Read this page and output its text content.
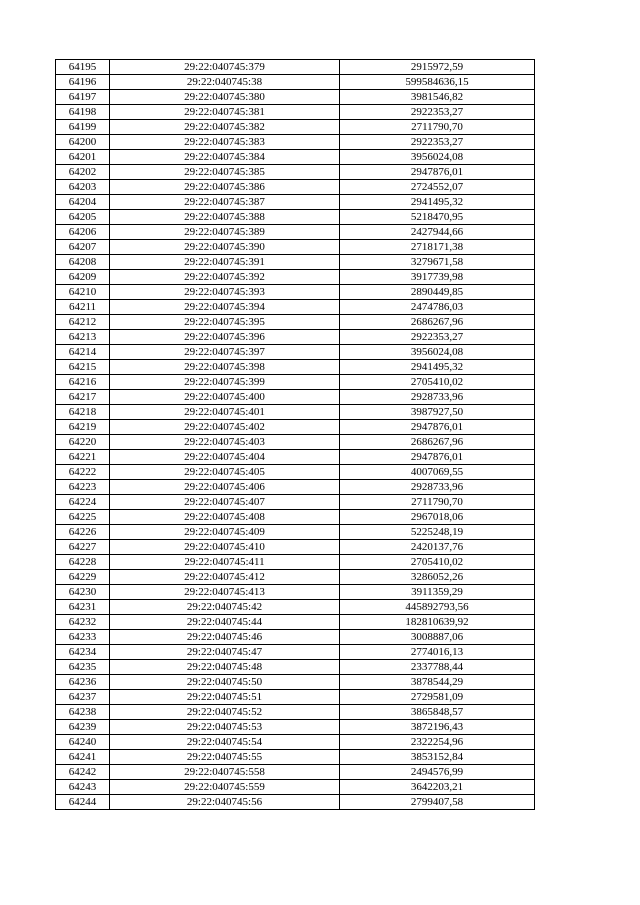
64195	29:22:040745:379	2915972,59
64196	29:22:040745:38	599584636,15
64197	29:22:040745:380	3981546,82
64198	29:22:040745:381	2922353,27
64199	29:22:040745:382	2711790,70
64200	29:22:040745:383	2922353,27
64201	29:22:040745:384	3956024,08
64202	29:22:040745:385	2947876,01
64203	29:22:040745:386	2724552,07
64204	29:22:040745:387	2941495,32
64205	29:22:040745:388	5218470,95
64206	29:22:040745:389	2427944,66
64207	29:22:040745:390	2718171,38
64208	29:22:040745:391	3279671,58
64209	29:22:040745:392	3917739,98
64210	29:22:040745:393	2890449,85
64211	29:22:040745:394	2474786,03
64212	29:22:040745:395	2686267,96
64213	29:22:040745:396	2922353,27
64214	29:22:040745:397	3956024,08
64215	29:22:040745:398	2941495,32
64216	29:22:040745:399	2705410,02
64217	29:22:040745:400	2928733,96
64218	29:22:040745:401	3987927,50
64219	29:22:040745:402	2947876,01
64220	29:22:040745:403	2686267,96
64221	29:22:040745:404	2947876,01
64222	29:22:040745:405	4007069,55
64223	29:22:040745:406	2928733,96
64224	29:22:040745:407	2711790,70
64225	29:22:040745:408	2967018,06
64226	29:22:040745:409	5225248,19
64227	29:22:040745:410	2420137,76
64228	29:22:040745:411	2705410,02
64229	29:22:040745:412	3286052,26
64230	29:22:040745:413	3911359,29
64231	29:22:040745:42	445892793,56
64232	29:22:040745:44	182810639,92
64233	29:22:040745:46	3008887,06
64234	29:22:040745:47	2774016,13
64235	29:22:040745:48	2337788,44
64236	29:22:040745:50	3878544,29
64237	29:22:040745:51	2729581,09
64238	29:22:040745:52	3865848,57
64239	29:22:040745:53	3872196,43
64240	29:22:040745:54	2322254,96
64241	29:22:040745:55	3853152,84
64242	29:22:040745:558	2494576,99
64243	29:22:040745:559	3642203,21
64244	29:22:040745:56	2799407,58
